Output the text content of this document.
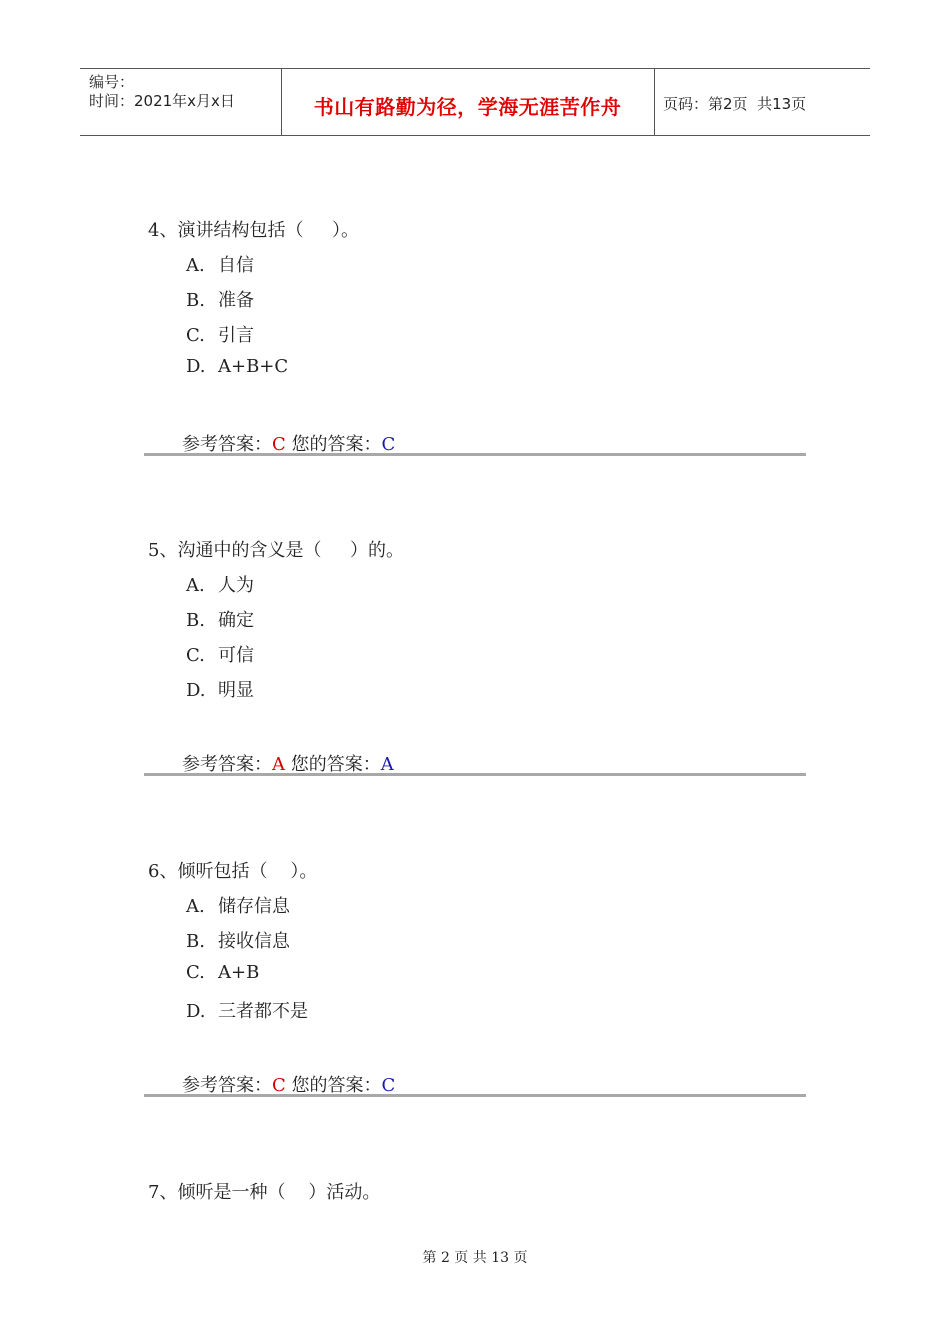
编号：
时间：2021年x月x日	书山有路勤为径，学海无涯苦作舟	页码：第2页  共13页
4、演讲结构包括（     ）。
A. 自信
B. 准备
C. 引言
D. A+B+C
参考答案：C 您的答案：C
5、沟通中的含义是（     ）的。
A. 人为
B. 确定
C. 可信
D. 明显
参考答案：A 您的答案：A
6、倾听包括（    ）。
A. 储存信息
B. 接收信息
C. A+B
D. 三者都不是
参考答案：C 您的答案：C
7、倾听是一种（    ）活动。
第 2 页 共 13 页
